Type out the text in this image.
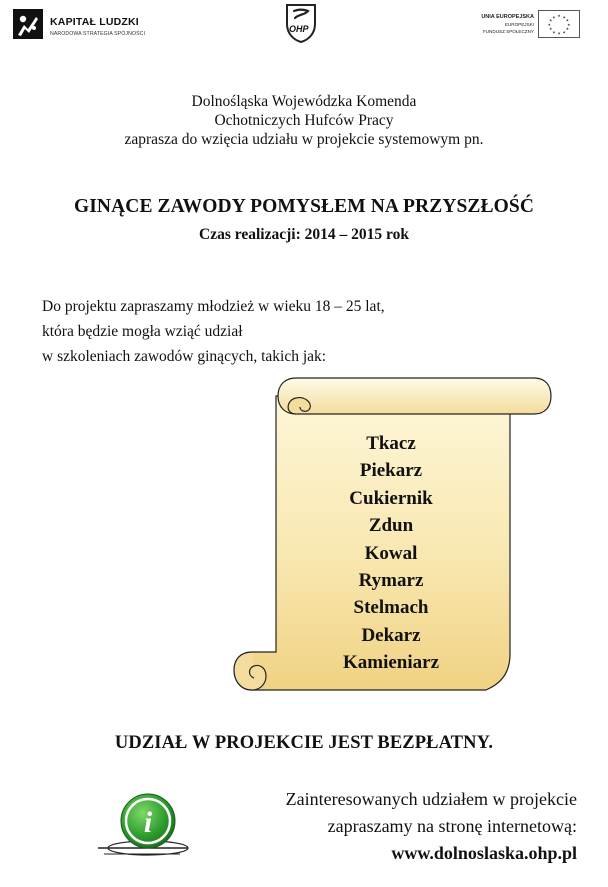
KAPITAŁ LUDZKI
NARODOWA STRATEGIA SPÓJNOŚCI	OHP
UNIA EUROPEJSKA
EUROPEJSKI
FUNDUSZ SPOŁECZNY
★ ★
★
★
★
★
★
★
★
★
★
★
Dolnośląska Wojewódzka Komenda
Ochotniczych Hufców Pracy
zaprasza do wzięcia udziału w projekcie systemowym pn.
GINĄCE ZAWODY POMYSŁEM NA PRZYSZŁOŚĆ
Czas realizacji: 2014 – 2015 rok
Do projektu zapraszamy młodzież w wieku 18 – 25 lat,
która będzie mogła wziąć udział
w szkoleniach zawodów ginących, takich jak:
Tkacz
Piekarz
Cukiernik
Zdun
Kowal
Rymarz
Stelmach
Dekarz
Kamieniarz
UDZIAŁ W PROJEKCIE JEST BEZPŁATNY.
i
Zainteresowanych udziałem w projekcie
zapraszamy na stronę internetową:
www.dolnoslaska.ohp.pl
